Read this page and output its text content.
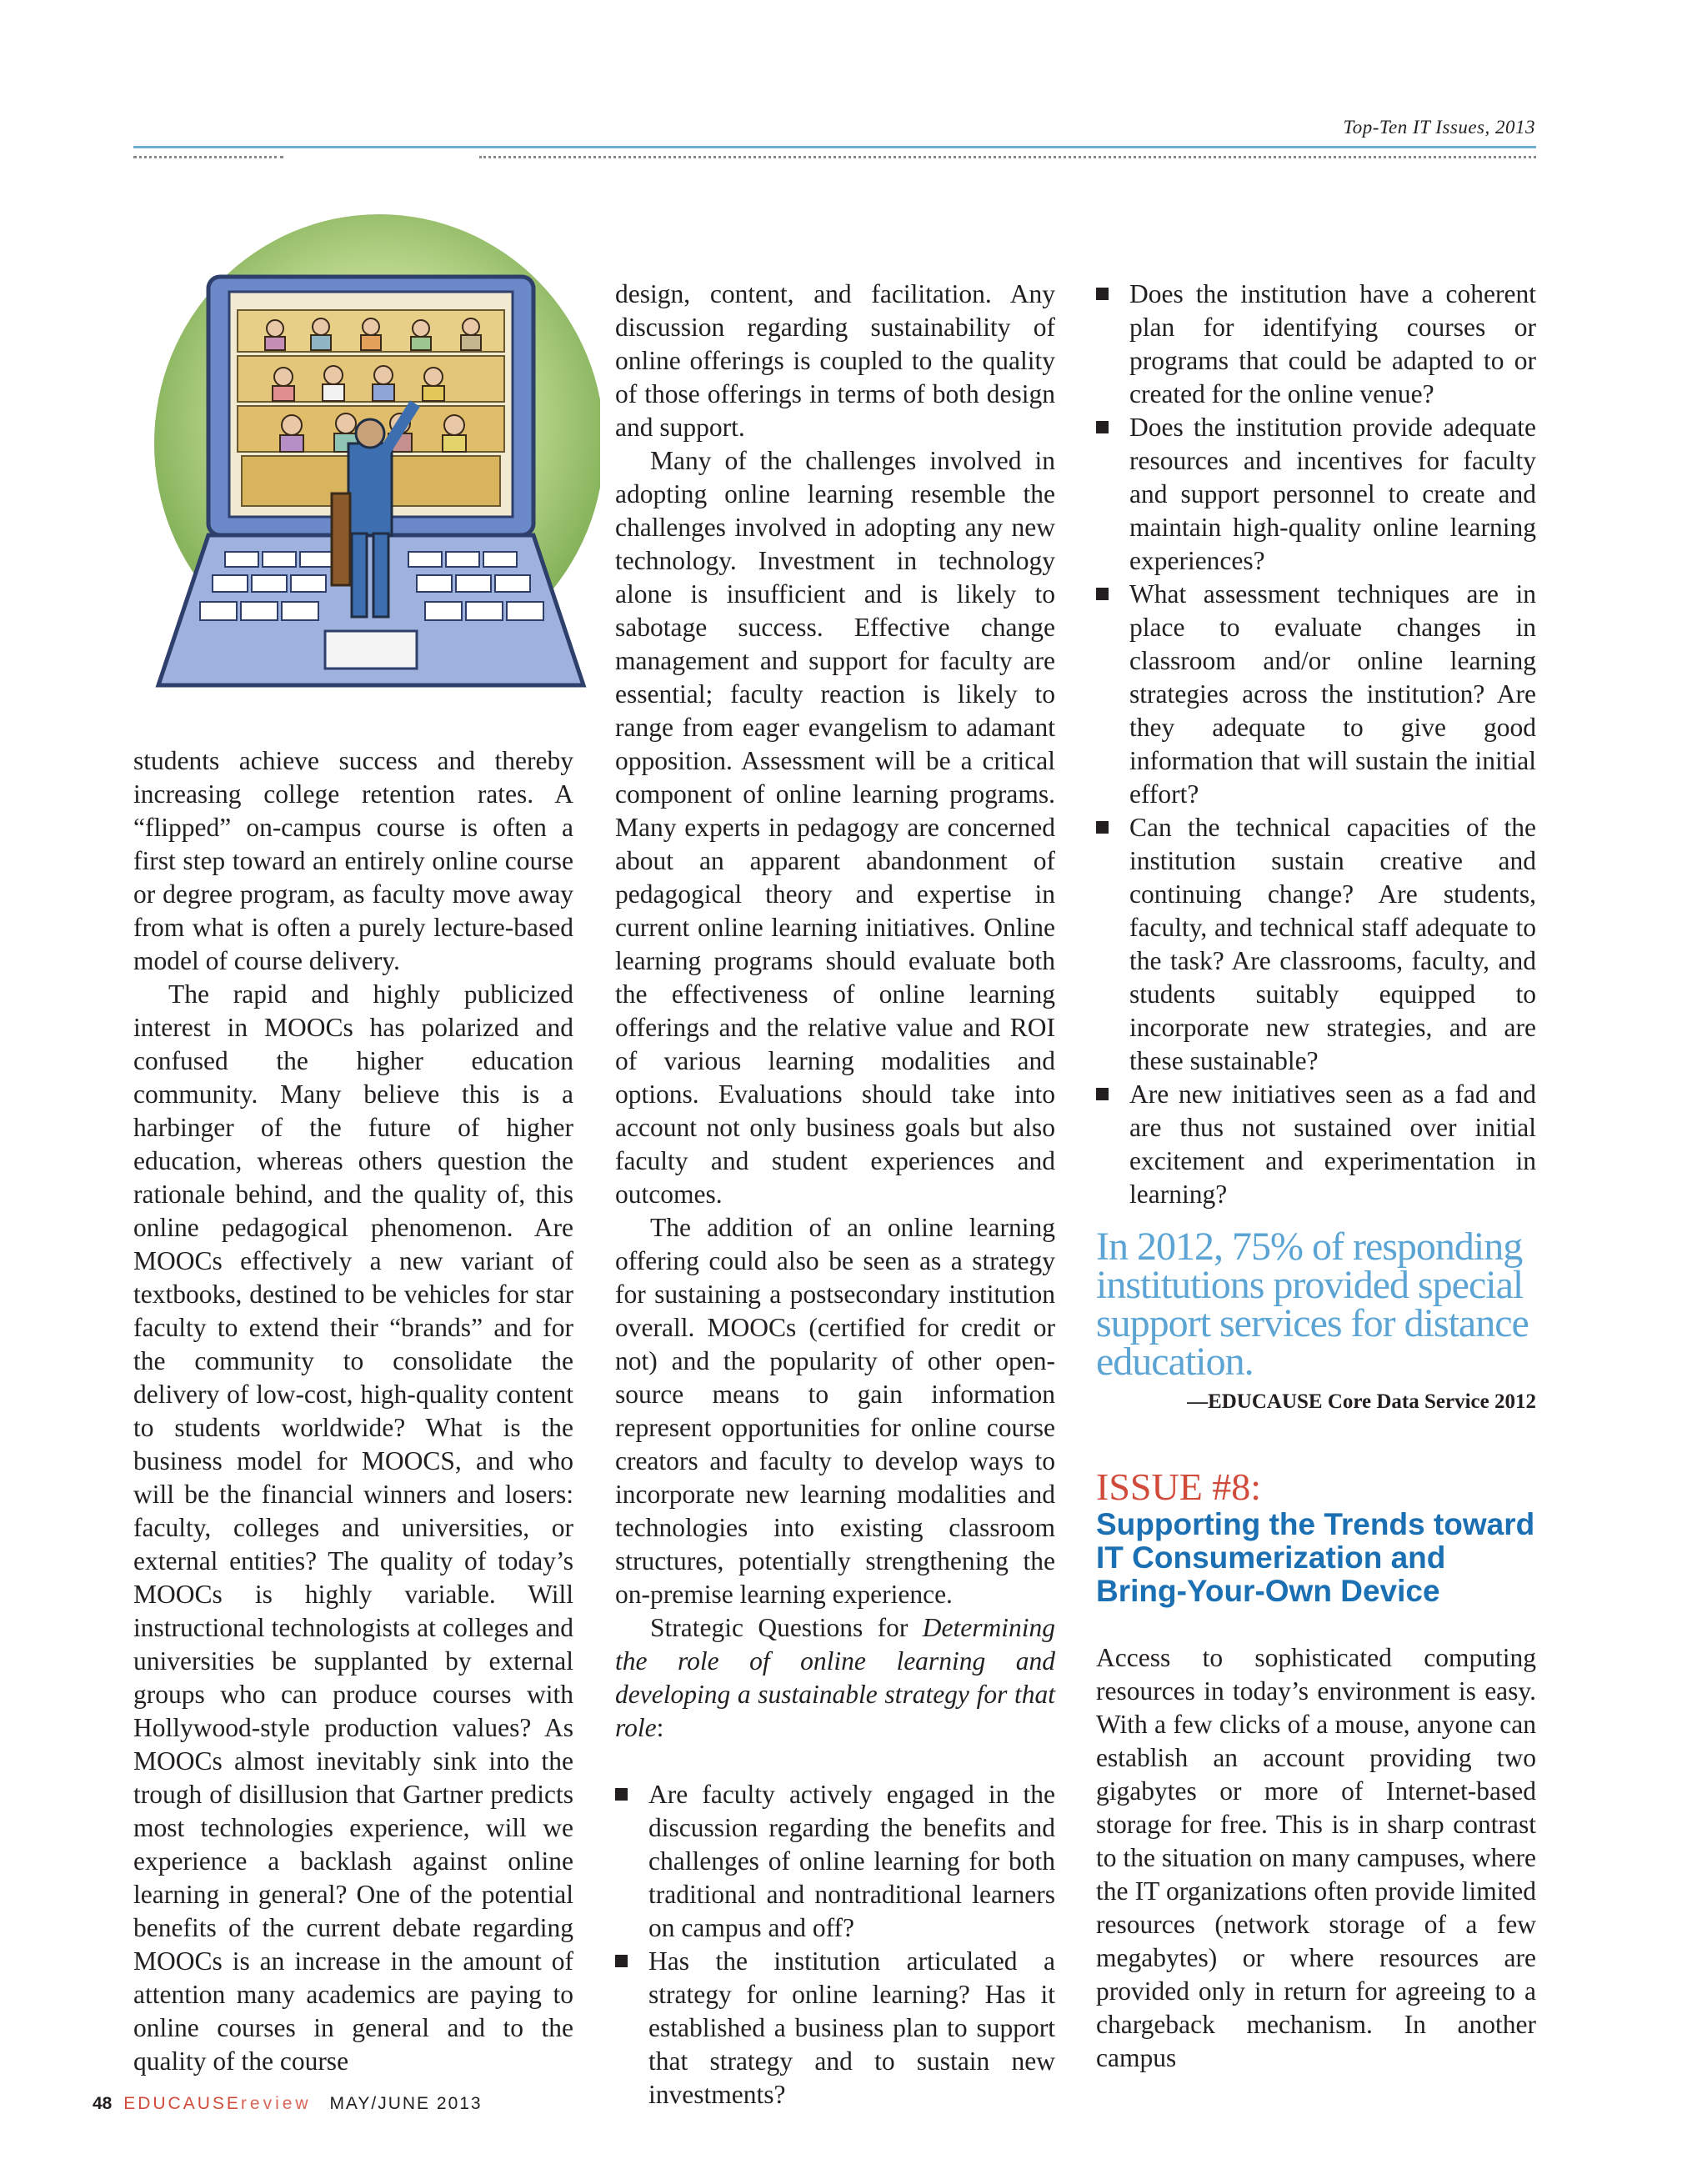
Top-Ten IT Issues, 2013

students achieve success and thereby increasing college retention rates. A “flipped” on-campus course is often a first step toward an entirely online course or degree program, as faculty move away from what is often a purely lecture-based model of course delivery.

The rapid and highly publicized interest in MOOCs has polarized and confused the higher education community. Many believe this is a harbinger of the future of higher education, whereas others question the rationale behind, and the quality of, this online pedagogical phenomenon. Are MOOCs effectively a new variant of textbooks, destined to be vehicles for star faculty to extend their “brands” and for the community to consolidate the delivery of low-cost, high-quality content to students worldwide? What is the business model for MOOCS, and who will be the financial winners and losers: faculty, colleges and universities, or external entities? The quality of today’s MOOCs is highly variable. Will instructional technologists at colleges and universities be supplanted by external groups who can produce courses with Hollywood-style production values? As MOOCs almost inevitably sink into the trough of disillusion that Gartner predicts most technologies experience, will we experience a backlash against online learning in general? One of the potential benefits of the current debate regarding MOOCs is an increase in the amount of attention many academics are paying to online courses in general and to the quality of the course

design, content, and facilitation. Any discussion regarding sustainability of online offerings is coupled to the quality of those offerings in terms of both design and support.

Many of the challenges involved in adopting online learning resemble the challenges involved in adopting any new technology. Investment in technology alone is insufficient and is likely to sabotage success. Effective change management and support for faculty are essential; faculty reaction is likely to range from eager evangelism to adamant opposition. Assessment will be a critical component of online learning programs. Many experts in pedagogy are concerned about an apparent abandonment of pedagogical theory and expertise in current online learning initiatives. Online learning programs should evaluate both the effectiveness of online learning offerings and the relative value and ROI of various learning modalities and options. Evaluations should take into account not only business goals but also faculty and student experiences and outcomes.

The addition of an online learning offering could also be seen as a strategy for sustaining a postsecondary institution overall. MOOCs (certified for credit or not) and the popularity of other open-source means to gain information represent opportunities for online course creators and faculty to develop ways to incorporate new learning modalities and technologies into existing classroom structures, potentially strengthening the on-premise learning experience.

Strategic Questions for Determining the role of online learning and developing a sustainable strategy for that role:

Are faculty actively engaged in the discussion regarding the benefits and challenges of online learning for both traditional and nontraditional learners on campus and off?
Has the institution articulated a strategy for online learning? Has it established a business plan to support that strategy and to sustain new investments?
Does the institution have a coherent plan for identifying courses or programs that could be adapted to or created for the online venue?
Does the institution provide adequate resources and incentives for faculty and support personnel to create and maintain high-quality online learning experiences?
What assessment techniques are in place to evaluate changes in classroom and/or online learning strategies across the institution? Are they adequate to give good information that will sustain the initial effort?
Can the technical capacities of the institution sustain creative and continuing change? Are students, faculty, and technical staff adequate to the task? Are classrooms, faculty, and students suitably equipped to incorporate new strategies, and are these sustainable?
Are new initiatives seen as a fad and are thus not sustained over initial excitement and experimentation in learning?
In 2012, 75% of responding institutions provided special support services for distance education.
—EDUCAUSE Core Data Service 2012
ISSUE #8:
Supporting the Trends toward IT Consumerization and Bring-Your-Own Device

Access to sophisticated computing resources in today’s environment is easy. With a few clicks of a mouse, anyone can establish an account providing two gigabytes or more of Internet-based storage for free. This is in sharp contrast to the situation on many campuses, where the IT organizations often provide limited resources (network storage of a few megabytes) or where resources are provided only in return for agreeing to a chargeback mechanism. In another campus

48 EDUCAUSEreview MAY/JUNE 2013
